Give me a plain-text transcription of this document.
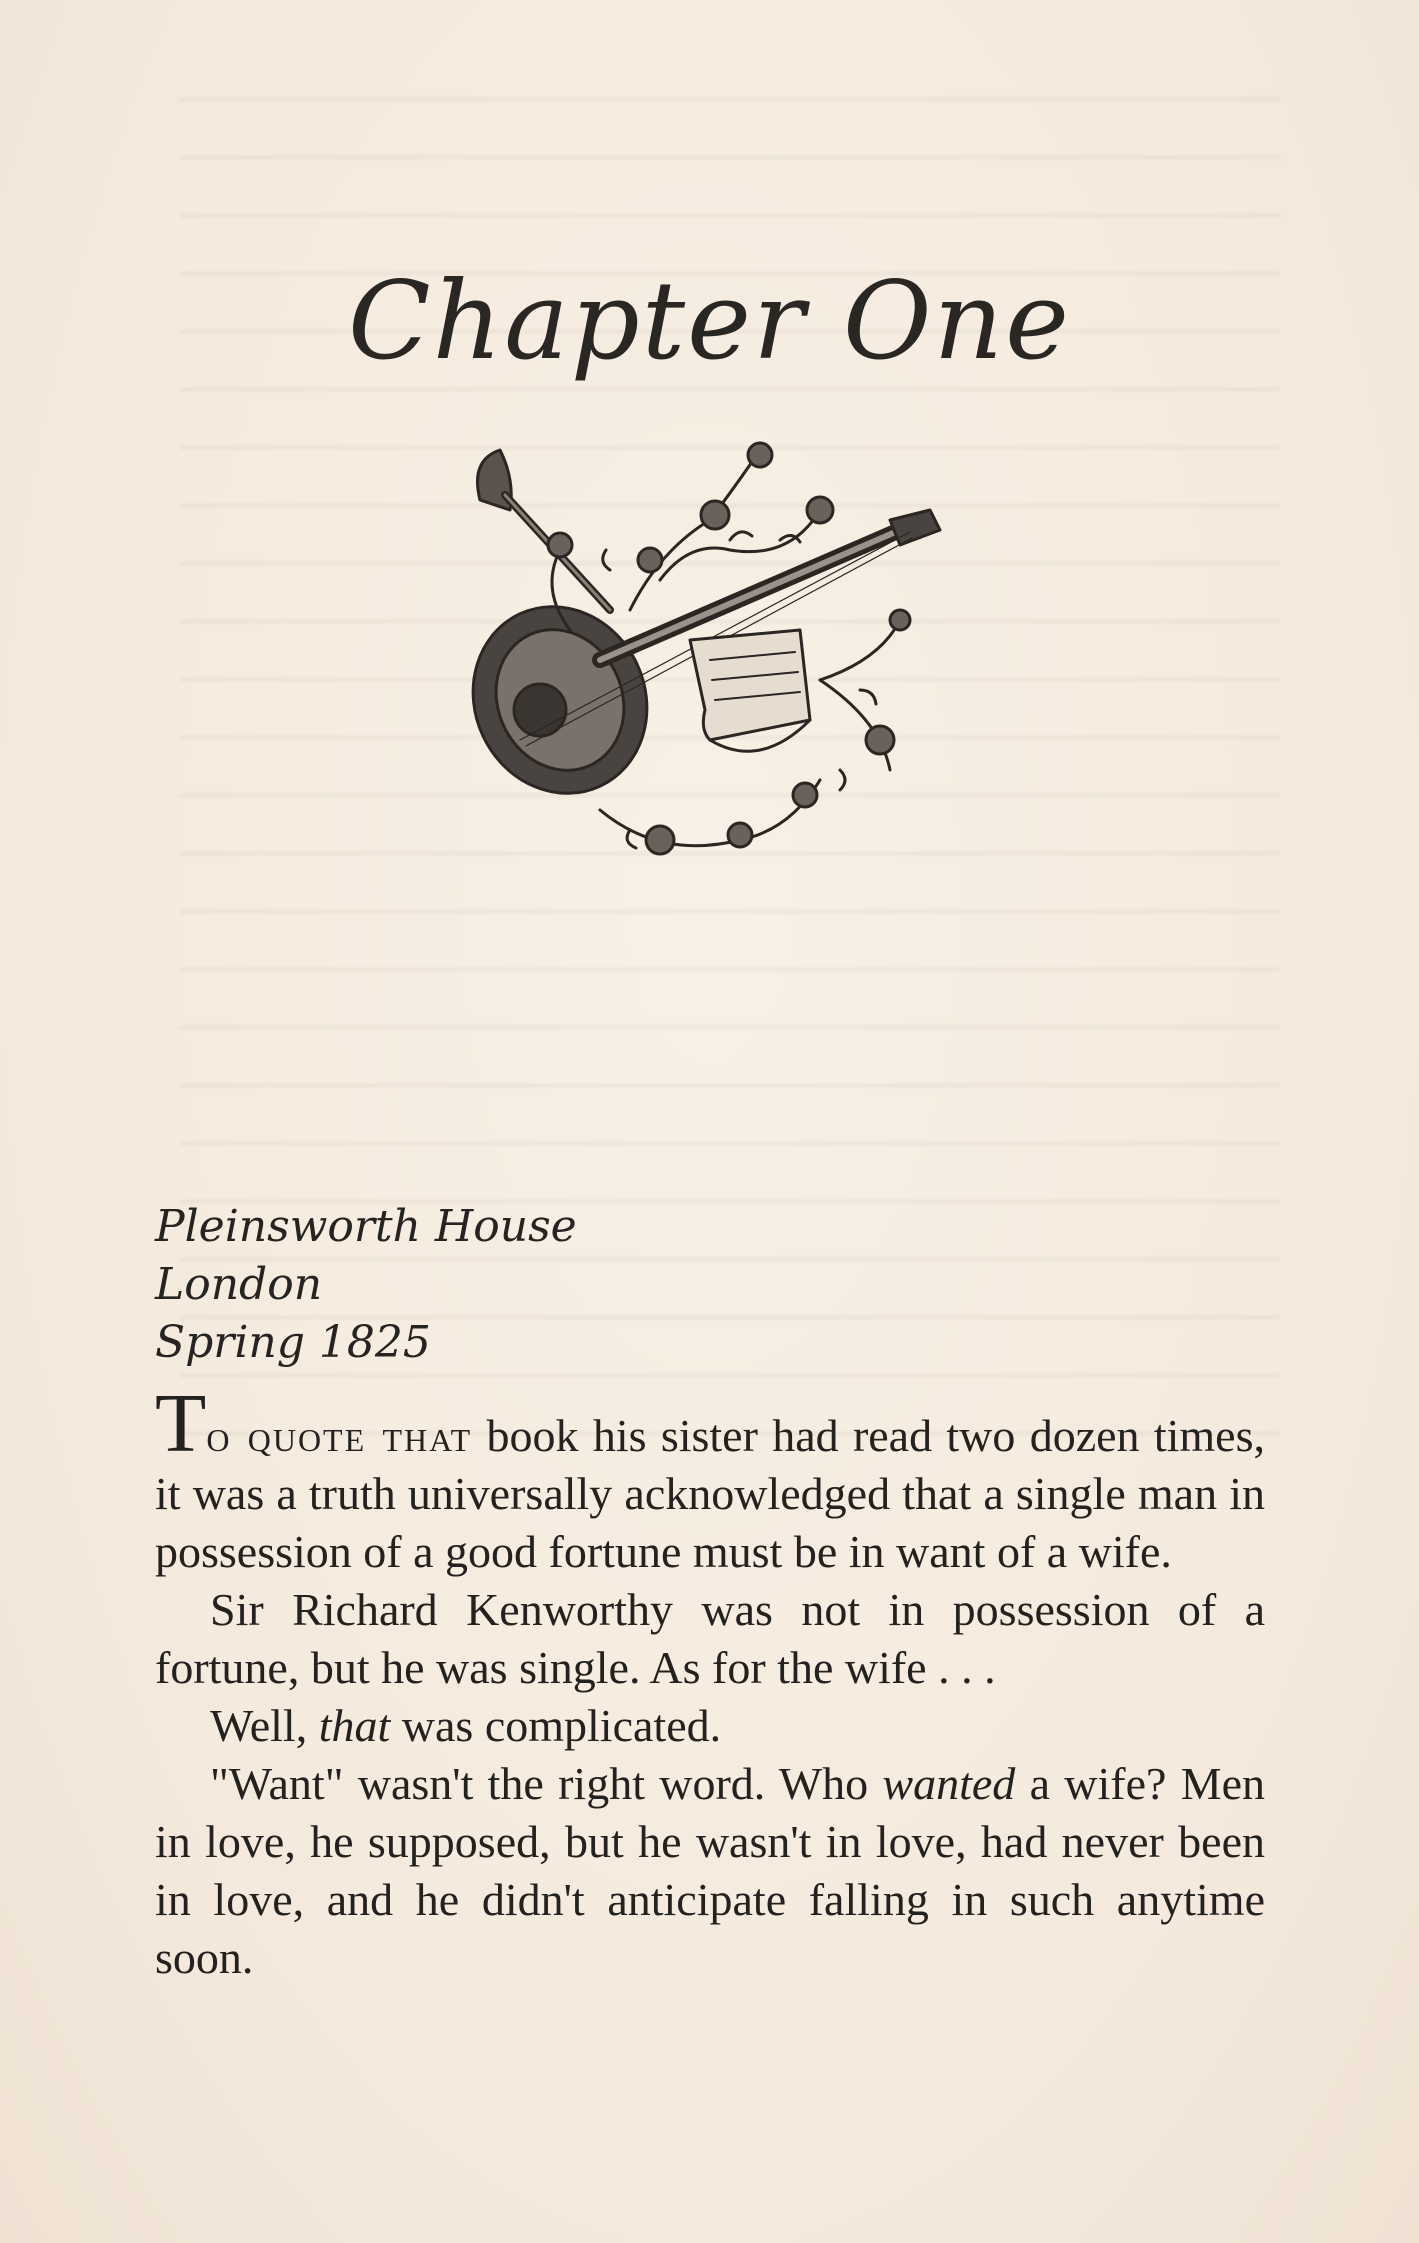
Chapter One
Pleinsworth House
London
Spring 1825

To quote that book his sister had read two dozen times, it was a truth universally acknowledged that a single man in possession of a good fortune must be in want of a wife.

Sir Richard Kenworthy was not in possession of a fortune, but he was single. As for the wife . . .

Well, that was complicated.

"Want" wasn't the right word. Who wanted a wife? Men in love, he supposed, but he wasn't in love, had never been in love, and he didn't anticipate falling in such anytime soon.
